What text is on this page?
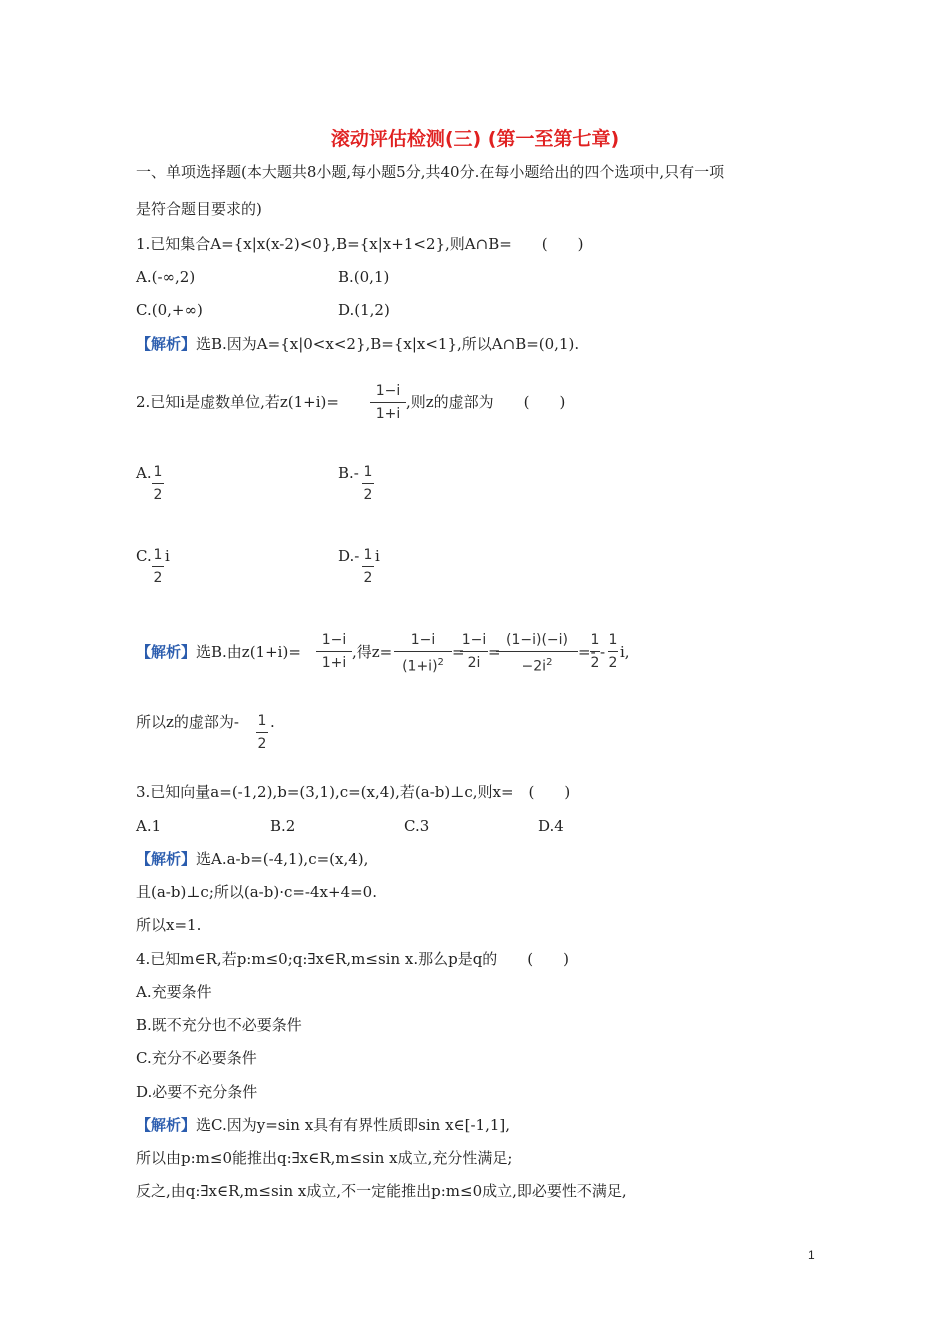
滚动评估检测(三) (第一至第七章)
一、单项选择题(本大题共8小题,每小题5分,共40分.在每小题给出的四个选项中,只有一项
是符合题目要求的)
1.已知集合A={x|x(x-2)<0},B={x|x+1<2},则A∩B=　　(　　)
A.(-∞,2)	B.(0,1)
C.(0,+∞)	D.(1,2)
【解析】选B.因为A={x|0<x<2},B={x|x<1},所以A∩B=(0,1).
2.已知i是虚数单位,若z(1+i)=
1−i
1+i
,则z的虚部为　　(　　)
A. 1
2
B.- 1
2
C. 1
2
i	D.- 1
2
i
【解析】选B.由z(1+i)=
1−i
1+i
,得z=
1−i
$(1+i)^2$
=
1−i
2i
=
(1−i)(−i)
$-2i^2$
=-
1
2
-
1
2
i,
所以z的虚部为- 1
2
.
3.已知向量a=(-1,2),b=(3,1),c=(x,4),若(a-b)⊥c,则x=　(　　)
A.1	B.2	C.3	D.4
【解析】选A.a-b=(-4,1),c=(x,4),
且(a-b)⊥c;所以(a-b)·c=-4x+4=0.
所以x=1.
4.已知m∈R,若p:m≤0;q:∃x∈R,m≤sin x.那么p是q的　　(　　)
A.充要条件
B.既不充分也不必要条件
C.充分不必要条件
D.必要不充分条件
【解析】选C.因为y=sin x具有有界性质即sin x∈[-1,1],
所以由p:m≤0能推出q:∃x∈R,m≤sin x成立,充分性满足;
反之,由q:∃x∈R,m≤sin x成立,不一定能推出p:m≤0成立,即必要性不满足,
1
